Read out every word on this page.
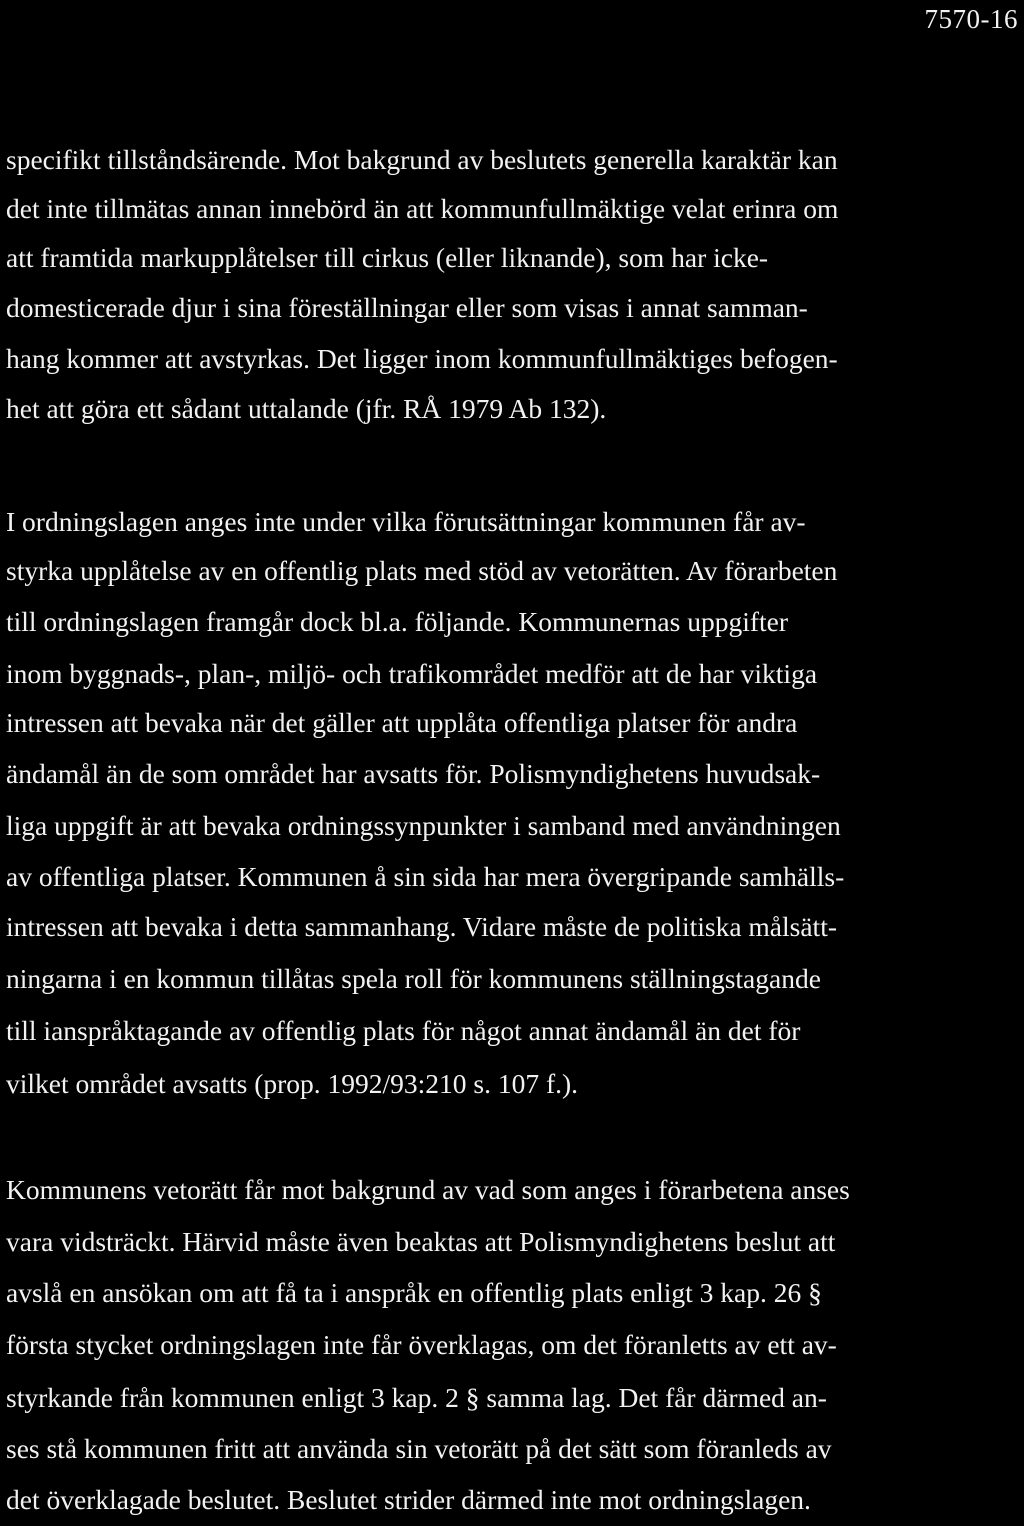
7570-16
specifikt tillståndsärende. Mot bakgrund av beslutets generella karaktär kan
det inte tillmätas annan innebörd än att kommunfullmäktige velat erinra om
att framtida markupplåtelser till cirkus (eller liknande), som har icke-
domesticerade djur i sina föreställningar eller som visas i annat samman-
hang kommer att avstyrkas. Det ligger inom kommunfullmäktiges befogen-
het att göra ett sådant uttalande (jfr. RÅ 1979 Ab 132).
I ordningslagen anges inte under vilka förutsättningar kommunen får av-
styrka upplåtelse av en offentlig plats med stöd av vetorätten. Av förarbeten
till ordningslagen framgår dock bl.a. följande. Kommunernas uppgifter
inom byggnads-, plan-, miljö- och trafikområdet medför att de har viktiga
intressen att bevaka när det gäller att upplåta offentliga platser för andra
ändamål än de som området har avsatts för. Polismyndighetens huvudsak-
liga uppgift är att bevaka ordningssynpunkter i samband med användningen
av offentliga platser. Kommunen å sin sida har mera övergripande samhälls-
intressen att bevaka i detta sammanhang. Vidare måste de politiska målsätt-
ningarna i en kommun tillåtas spela roll för kommunens ställningstagande
till ianspråktagande av offentlig plats för något annat ändamål än det för
vilket området avsatts (prop. 1992/93:210 s. 107 f.).
Kommunens vetorätt får mot bakgrund av vad som anges i förarbetena anses
vara vidsträckt. Härvid måste även beaktas att Polismyndighetens beslut att
avslå en ansökan om att få ta i anspråk en offentlig plats enligt 3 kap. 26 §
första stycket ordningslagen inte får överklagas, om det föranletts av ett av-
styrkande från kommunen enligt 3 kap. 2 § samma lag. Det får därmed an-
ses stå kommunen fritt att använda sin vetorätt på det sätt som föranleds av
det överklagade beslutet. Beslutet strider därmed inte mot ordningslagen.
